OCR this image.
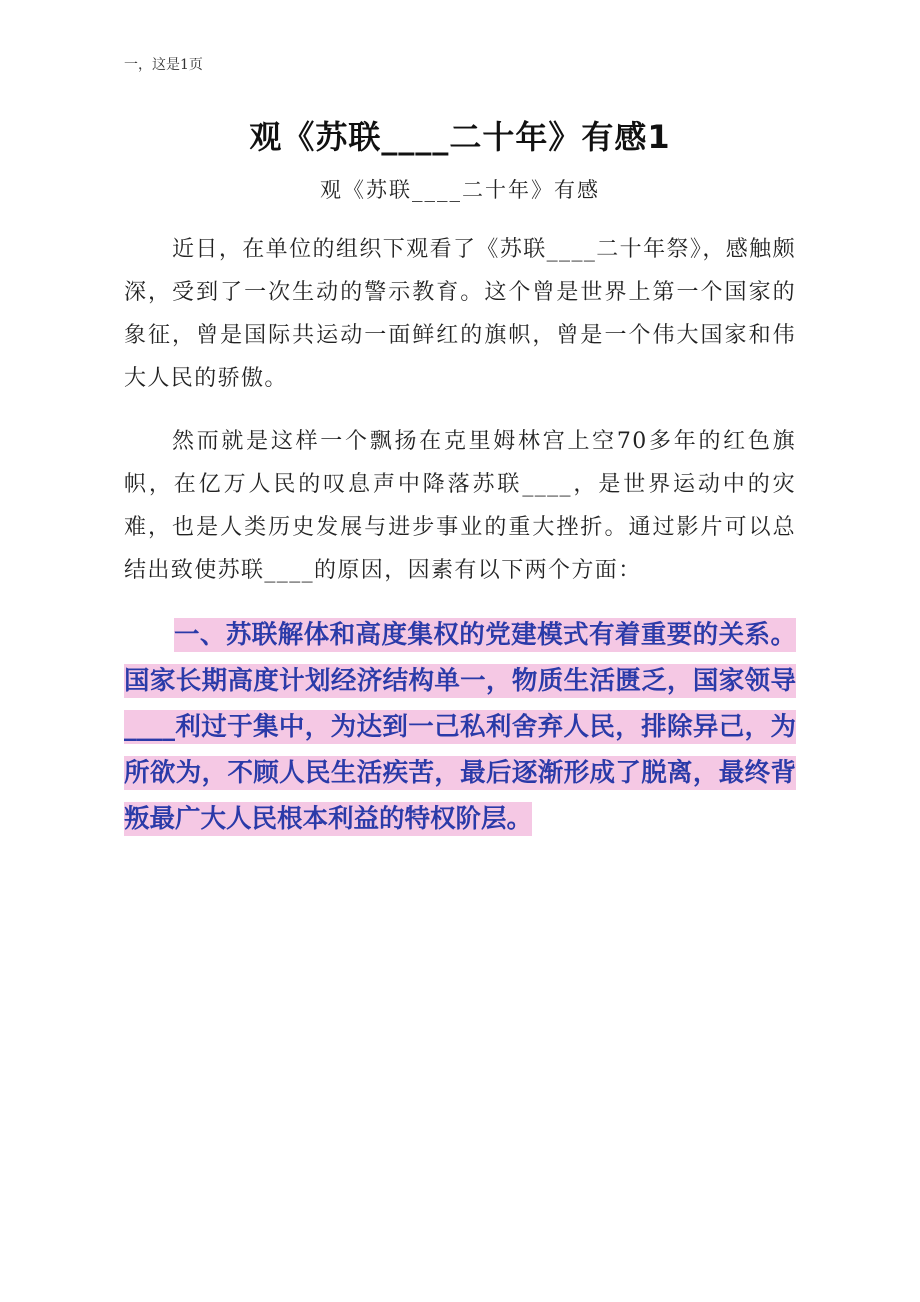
一，这是1页
观《苏联____二十年》有感1
观《苏联____二十年》有感

近日，在单位的组织下观看了《苏联____二十年祭》，感触颇深，受到了一次生动的警示教育。这个曾是世界上第一个国家的象征，曾是国际共运动一面鲜红的旗帜，曾是一个伟大国家和伟大人民的骄傲。

然而就是这样一个飘扬在克里姆林宫上空70多年的红色旗帜，在亿万人民的叹息声中降落苏联____，是世界运动中的灾难，也是人类历史发展与进步事业的重大挫折。通过影片可以总结出致使苏联____的原因，因素有以下两个方面：

一、苏联解体和高度集权的党建模式有着重要的关系。国家长期高度计划经济结构单一，物质生活匮乏，国家领导____利过于集中，为达到一己私利舍弃人民，排除异己，为所欲为，不顾人民生活疾苦，最后逐渐形成了脱离，最终背叛最广大人民根本利益的特权阶层。
